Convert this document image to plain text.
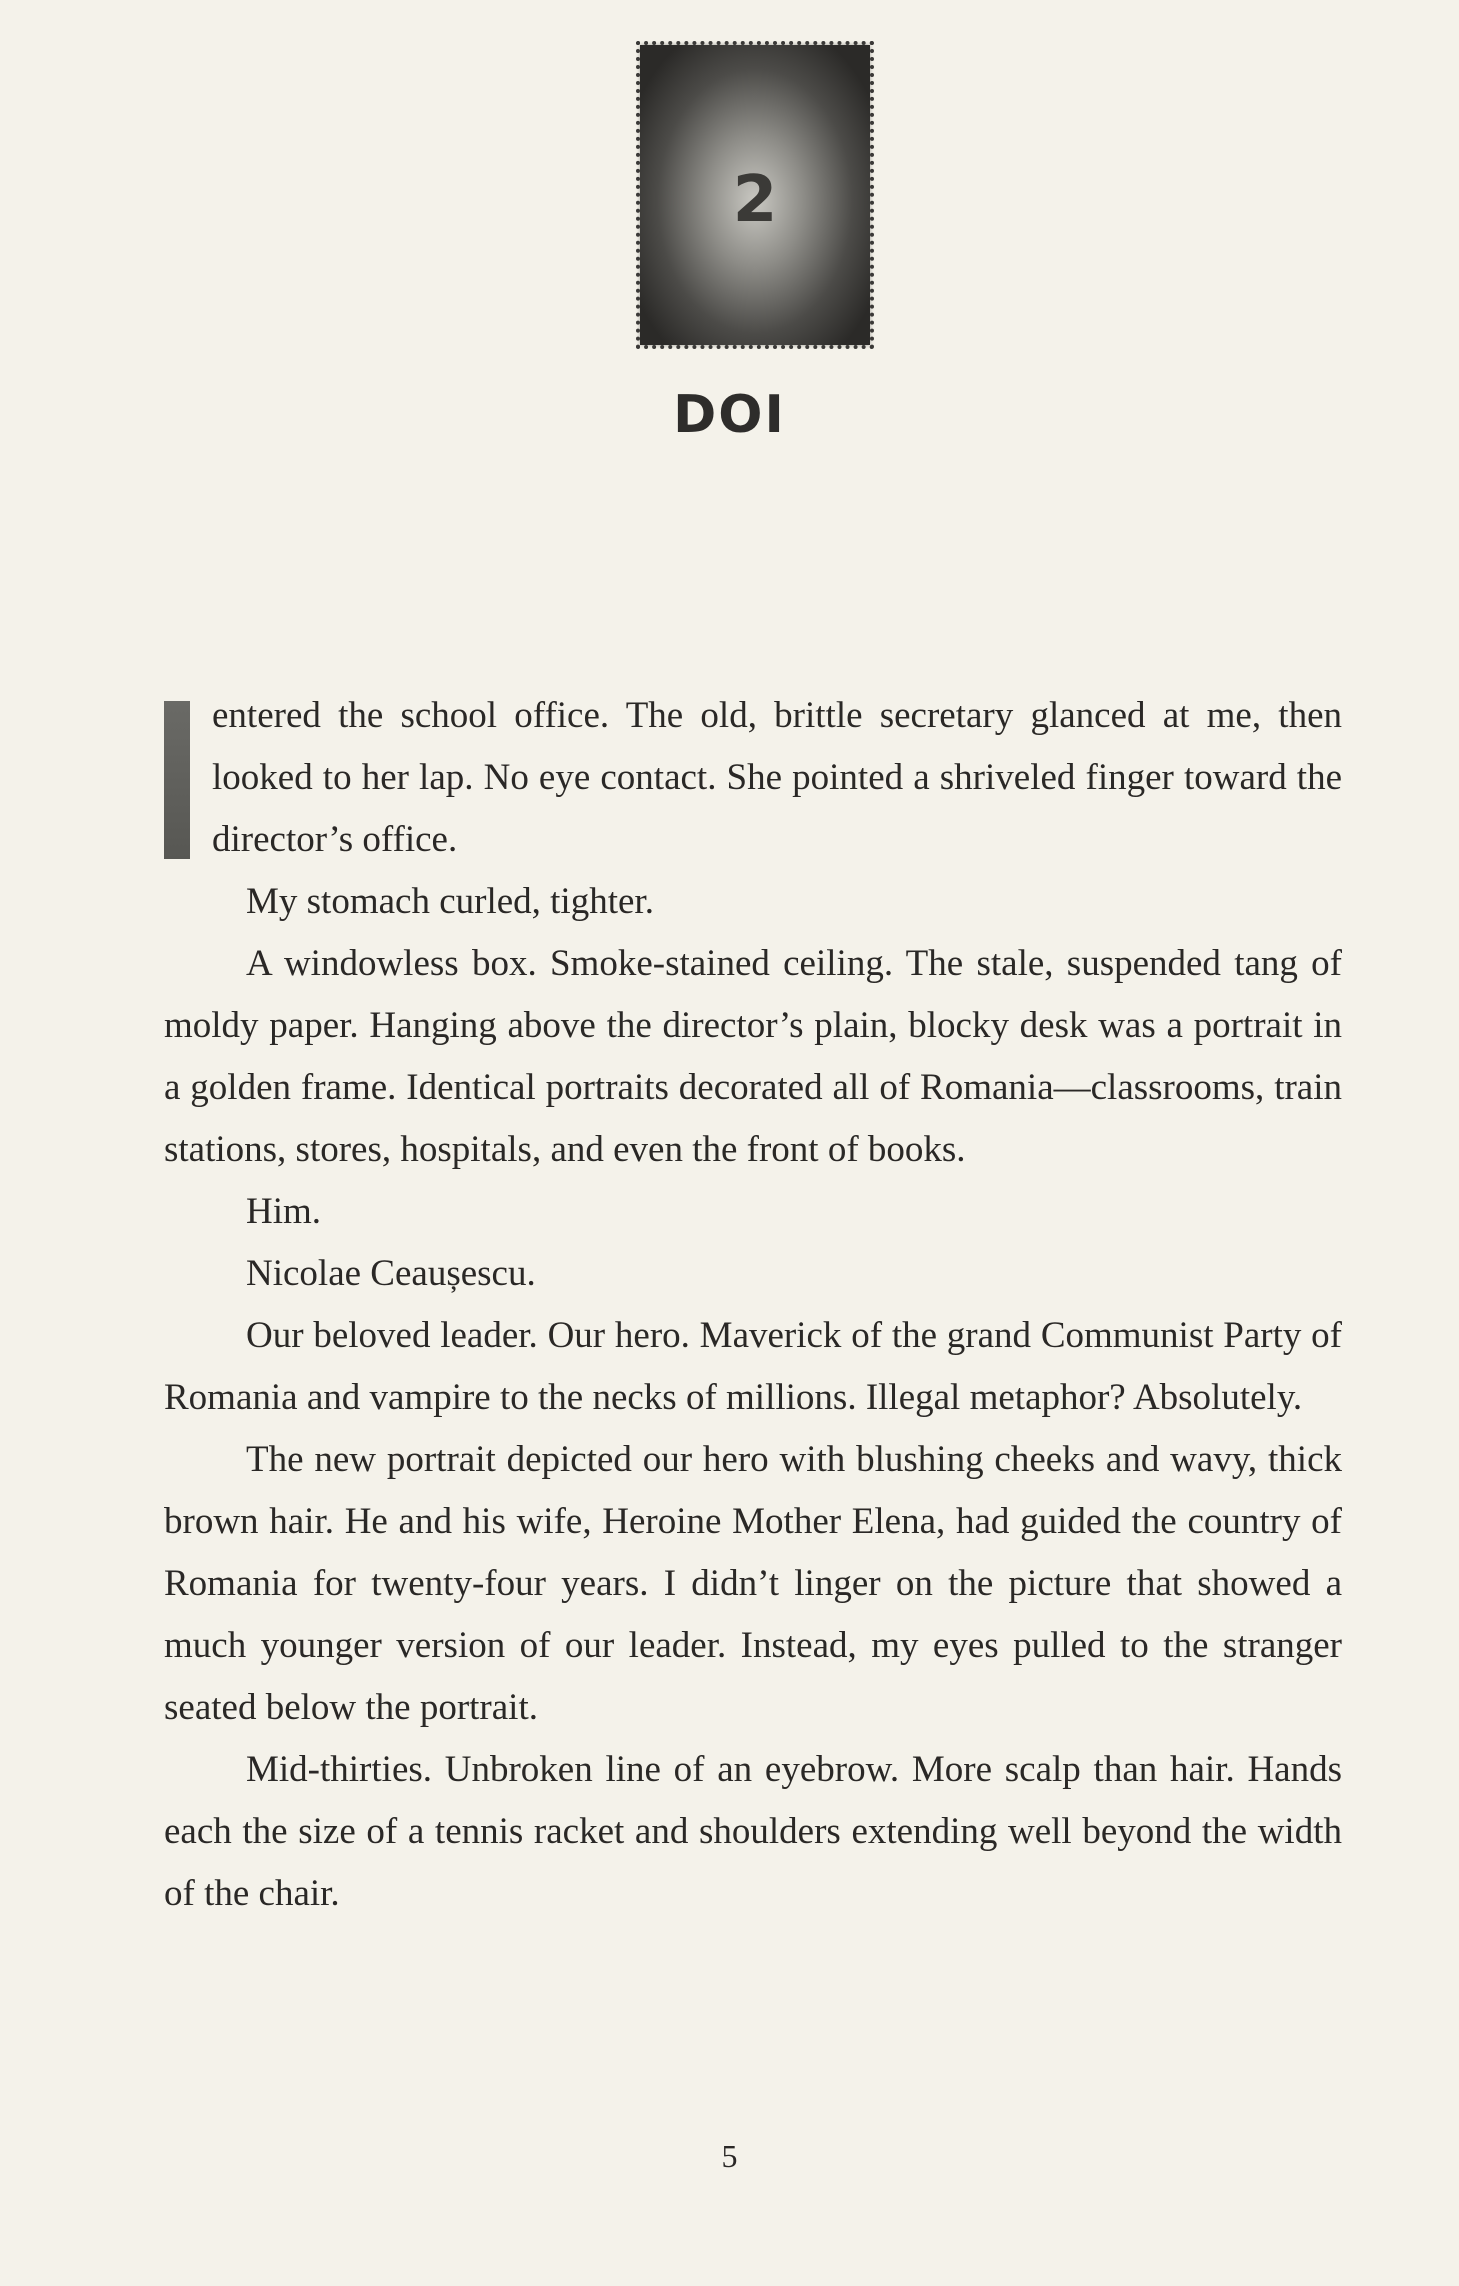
2
DOI

entered the school office. The old, brittle secretary glanced at me, then looked to her lap. No eye contact. She pointed a shriveled finger toward the director’s office.

My stomach curled, tighter.

A windowless box. Smoke-stained ceiling. The stale, suspended tang of moldy paper. Hanging above the director’s plain, blocky desk was a portrait in a golden frame. Identical portraits decorated all of Romania—classrooms, train stations, stores, hospitals, and even the front of books.

Him.

Nicolae Ceaușescu.

Our beloved leader. Our hero. Maverick of the grand Communist Party of Romania and vampire to the necks of millions. Illegal metaphor? Absolutely.

The new portrait depicted our hero with blushing cheeks and wavy, thick brown hair. He and his wife, Heroine Mother Elena, had guided the country of Romania for twenty-four years. I didn’t linger on the picture that showed a much younger version of our leader. Instead, my eyes pulled to the stranger seated below the portrait.

Mid-thirties. Unbroken line of an eyebrow. More scalp than hair. Hands each the size of a tennis racket and shoulders extending well beyond the width of the chair.

5
